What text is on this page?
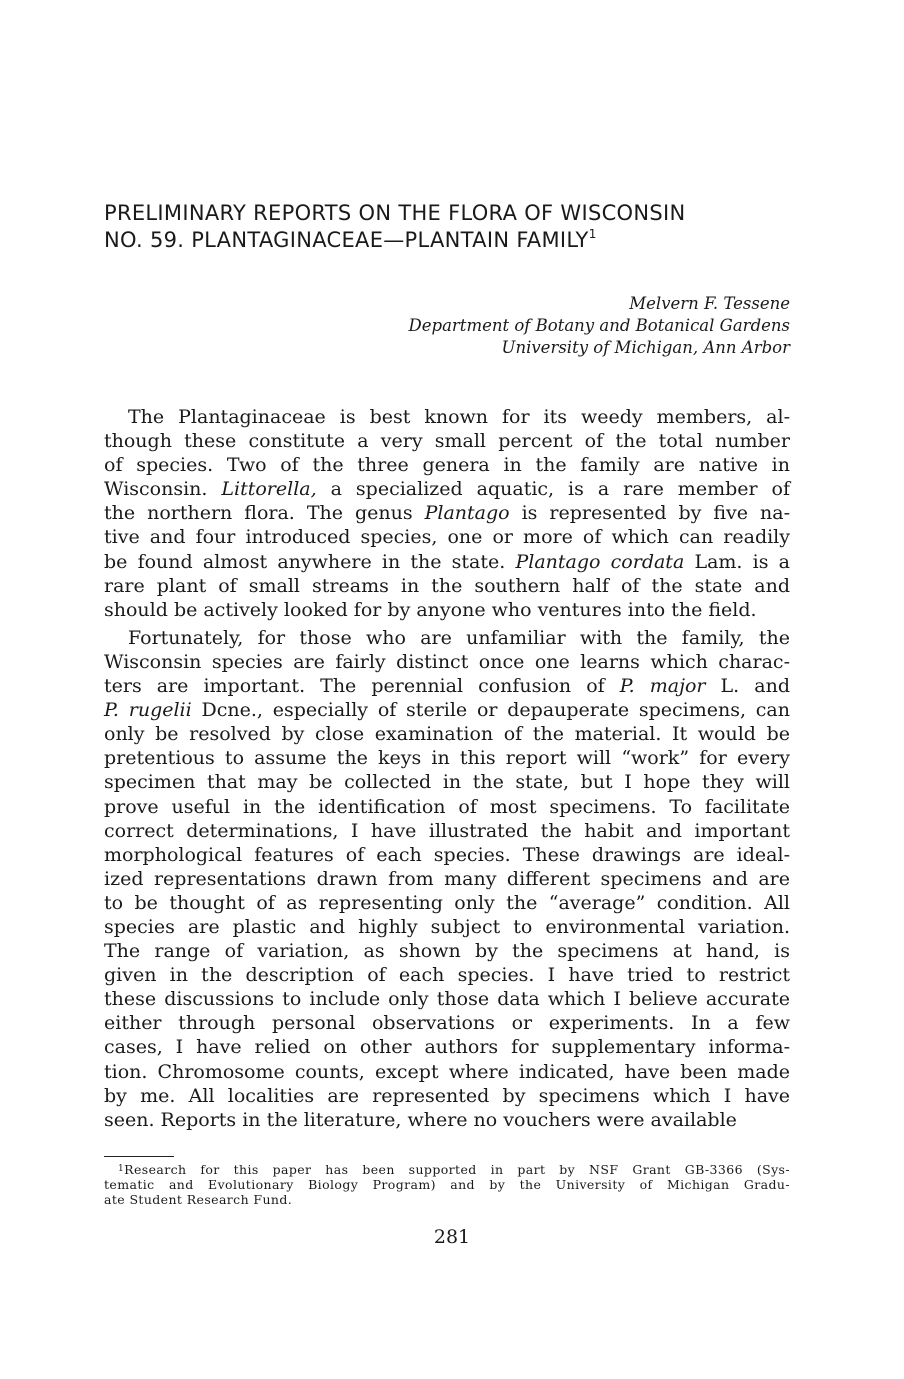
PRELIMINARY REPORTS ON THE FLORA OF WISCONSIN
NO. 59. PLANTAGINACEAE—PLANTAIN FAMILY$^1$
Melvern F. Tessene
Department of Botany and Botanical Gardens
University of Michigan, Ann Arbor
The Plantaginaceae is best known for its weedy members, al-
though these constitute a very small percent of the total number
of species. Two of the three genera in the family are native in
Wisconsin. Littorella, a specialized aquatic, is a rare member of
the northern flora. The genus Plantago is represented by five na-
tive and four introduced species, one or more of which can readily
be found almost anywhere in the state. Plantago cordata Lam. is a
rare plant of small streams in the southern half of the state and
should be actively looked for by anyone who ventures into the field.
Fortunately, for those who are unfamiliar with the family, the
Wisconsin species are fairly distinct once one learns which charac-
ters are important. The perennial confusion of P. major L. and
P. rugelii Dcne., especially of sterile or depauperate specimens, can
only be resolved by close examination of the material. It would be
pretentious to assume the keys in this report will “work” for every
specimen that may be collected in the state, but I hope they will
prove useful in the identification of most specimens. To facilitate
correct determinations, I have illustrated the habit and important
morphological features of each species. These drawings are ideal-
ized representations drawn from many different specimens and are
to be thought of as representing only the “average” condition. All
species are plastic and highly subject to environmental variation.
The range of variation, as shown by the specimens at hand, is
given in the description of each species. I have tried to restrict
these discussions to include only those data which I believe accurate
either through personal observations or experiments. In a few
cases, I have relied on other authors for supplementary informa-
tion. Chromosome counts, except where indicated, have been made
by me. All localities are represented by specimens which I have
seen. Reports in the literature, where no vouchers were available
$^1$Research for this paper has been supported in part by NSF Grant GB-3366 (Sys-
tematic and Evolutionary Biology Program) and by the University of Michigan Gradu-
ate Student Research Fund.
281
